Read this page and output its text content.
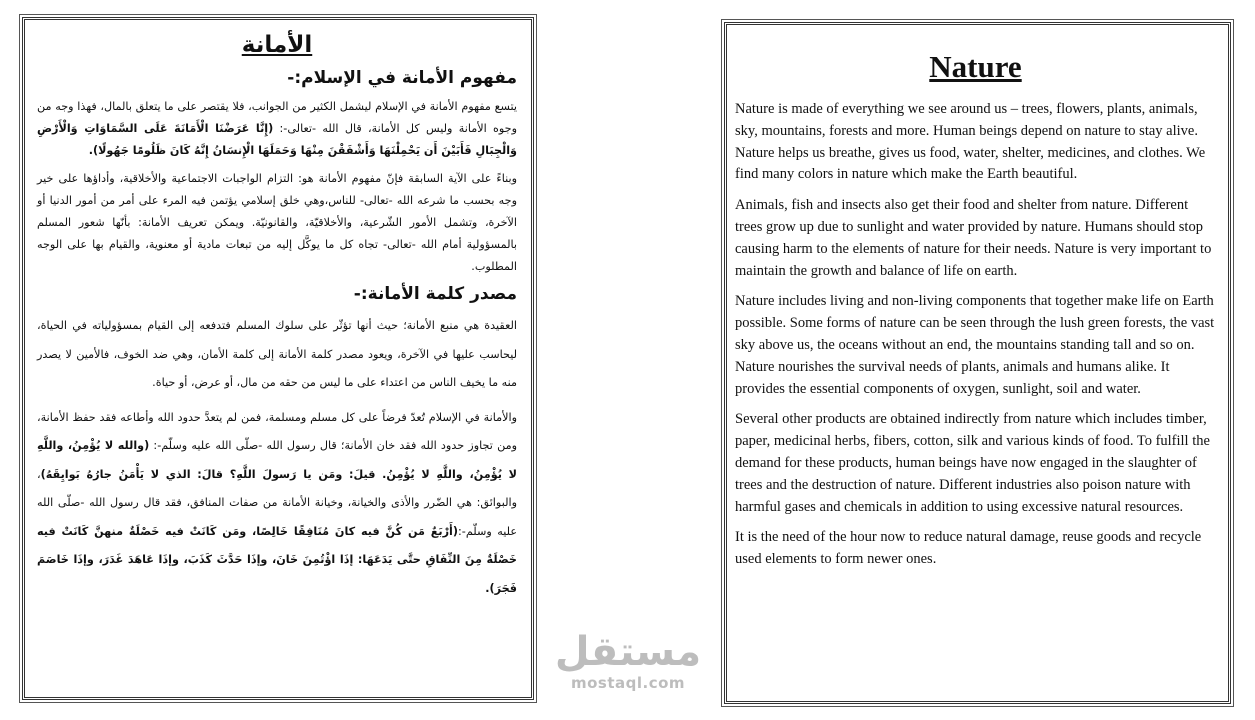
الأمانة
مفهوم الأمانة في الإسلام:-

يتسع مفهوم الأمانة في الإسلام ليشمل الكثير من الجوانب، فلا يقتصر على ما يتعلق بالمال، فهذا وجه من وجوه الأمانة وليس كل الأمانة، قال الله -تعالى-: (إِنَّا عَرَضْنَا الْأَمَانَةَ عَلَى السَّمَاوَاتِ وَالْأَرْضِ وَالْجِبَالِ فَأَبَيْنَ أَن يَحْمِلْنَهَا وَأَشْفَقْنَ مِنْهَا وَحَمَلَهَا الْإِنسَانُ إِنَّهُ كَانَ ظَلُومًا جَهُولًا).

وبناءً على الآية السابقة فإنّ مفهوم الأمانة هو: التزام الواجبات الاجتماعية والأخلاقية، وأداؤها على خير وجه بحسب ما شرعه الله -تعالى- للناس،وهي خلق إسلامي يؤتمن فيه المرء على أمر من أمور الدنيا أو الآخرة، وتشمل الأمور الشّرعية، والأخلاقيّة، والقانونيّة. ويمكن تعريف الأمانة: بأنّها شعور المسلم بالمسؤولية أمام الله -تعالى- تجاه كل ما يوكَّل إليه من تبعات مادية أو معنوية، والقيام بها على الوجه المطلوب.

مصدر كلمة الأمانة:-

العقيدة هي منبع الأمانة؛ حيث أنها تؤثّر على سلوك المسلم فتدفعه إلى القيام بمسؤولياته في الحياة، ليحاسب عليها في الآخرة، ويعود مصدر كلمة الأمانة إلى كلمة الأمان، وهي ضد الخوف، فالأمين لا يصدر منه ما يخيف الناس من اعتداء على ما ليس من حقه من مال، أو عرض، أو حياة.

والأمانة في الإسلام تُعدّ فرضاً على كل مسلم ومسلمة، فمن لم يتعدَّ حدود الله وأطاعه فقد حفظ الأمانة، ومن تجاوز حدود الله فقد خان الأمانة؛ قال رسول الله -صلّى الله عليه وسلّم-: (والله لا يُؤْمِنُ، واللَّهِ لا يُؤْمِنُ، واللَّهِ لا يُؤْمِنُ. قيلَ: ومَن يا رَسولَ اللَّهِ؟ قالَ: الذي لا يَأْمَنُ جارُهُ بَوايِقَهُ)، والبوائق: هي الضّرر والأذى والخيانة، وخيانة الأمانة من صفات المنافق، فقد قال رسول الله -صلّى الله عليه وسلّم-:(أَرْبَعٌ مَن كُنَّ فيه كانَ مُنَافِقًا خَالِصًا، ومَن كَانَتْ فيه خَصْلَةٌ منهنَّ كَانَتْ فيه خَصْلَةٌ مِنَ النِّفَاقِ حتَّى يَدَعَهَا: إذَا اؤْتُمِنَ خَانَ، وإذَا حَدَّثَ كَذَبَ، وإذَا عَاهَدَ غَدَرَ، وإذَا خَاصَمَ فَجَرَ).

Nature

Nature is made of everything we see around us – trees, flowers, plants, animals, sky, mountains, forests and more. Human beings depend on nature to stay alive. Nature helps us breathe, gives us food, water, shelter, medicines, and clothes. We find many colors in nature which make the Earth beautiful.

Animals, fish and insects also get their food and shelter from nature. Different trees grow up due to sunlight and water provided by nature. Humans should stop causing harm to the elements of nature for their needs. Nature is very important to maintain the growth and balance of life on earth.

Nature includes living and non-living components that together make life on Earth possible. Some forms of nature can be seen through the lush green forests, the vast sky above us, the oceans without an end, the mountains standing tall and so on. Nature nourishes the survival needs of plants, animals and humans alike. It provides the essential components of oxygen, sunlight, soil and water.

Several other products are obtained indirectly from nature which includes timber, paper, medicinal herbs, fibers, cotton, silk and various kinds of food. To fulfill the demand for these products, human beings have now engaged in the slaughter of trees and the destruction of nature. Different industries also poison nature with harmful gases and chemicals in addition to using excessive natural resources.

It is the need of the hour now to reduce natural damage, reuse goods and recycle used elements to form newer ones.

مستقل
mostaql.com
